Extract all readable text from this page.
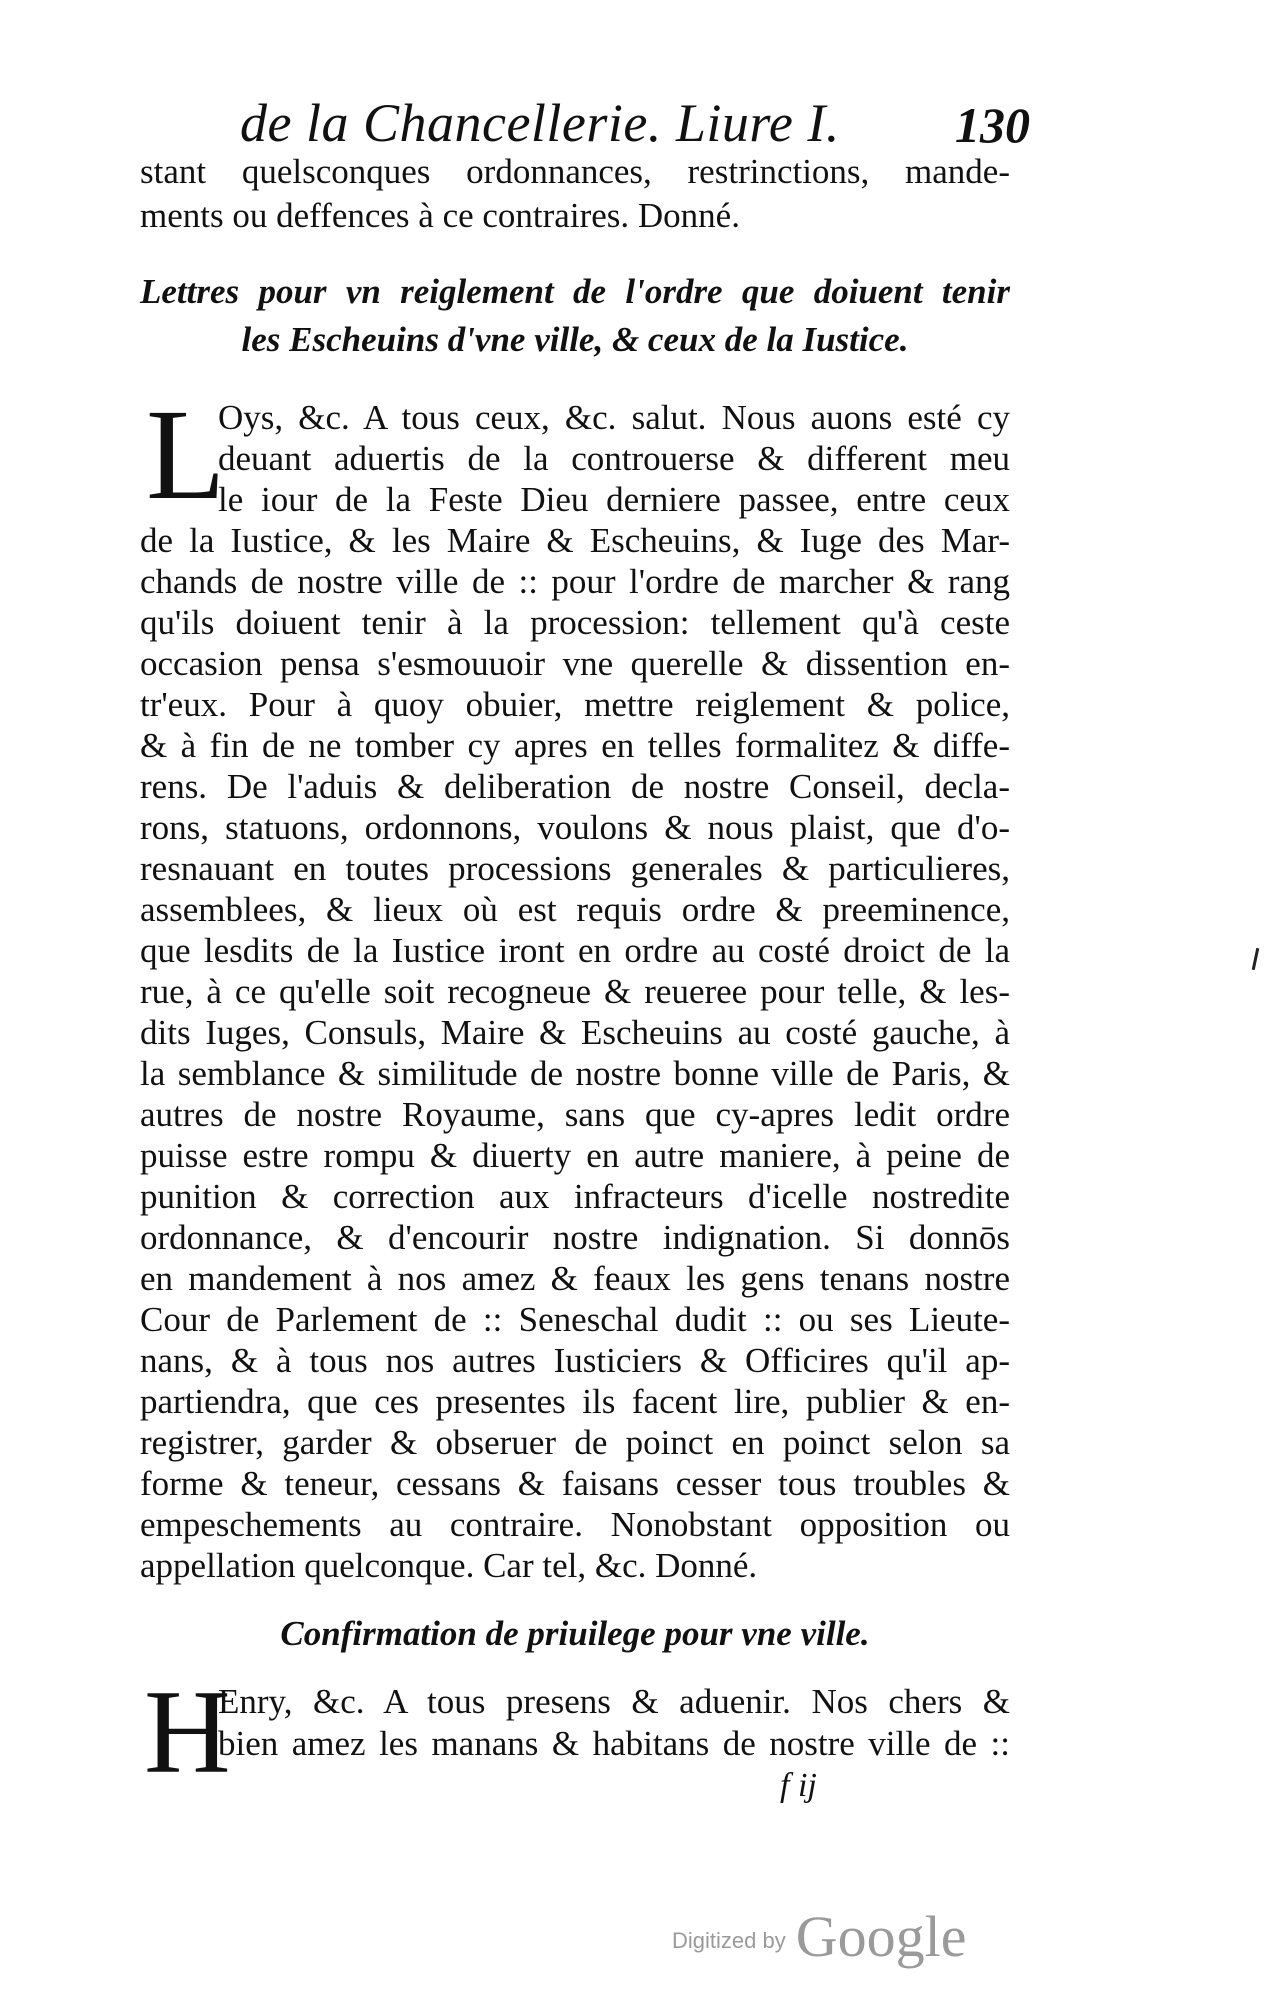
de la Chancellerie. Liure I. 130
stant quelsconques ordonnances, restrinctions, mande-
ments ou deffences à ce contraires. Donné.
Lettres pour vn reiglement de l'ordre que doiuent tenir
les Escheuins d'vne ville, & ceux de la Iustice.
L
Oys, &c. A tous ceux, &c. salut. Nous auons esté cy
deuant aduertis de la controuerse & different meu
le iour de la Feste Dieu derniere passee, entre ceux
de la Iustice, & les Maire & Escheuins, & Iuge des Mar-
chands de nostre ville de :: pour l'ordre de marcher & rang
qu'ils doiuent tenir à la procession: tellement qu'à ceste
occasion pensa s'esmouuoir vne querelle & dissention en-
tr'eux. Pour à quoy obuier, mettre reiglement & police,
& à fin de ne tomber cy apres en telles formalitez & diffe-
rens. De l'aduis & deliberation de nostre Conseil, decla-
rons, statuons, ordonnons, voulons & nous plaist, que d'o-
resnauant en toutes processions generales & particulieres,
assemblees, & lieux où est requis ordre & preeminence,
que lesdits de la Iustice iront en ordre au costé droict de la
rue, à ce qu'elle soit recogneue & reueree pour telle, & les-
dits Iuges, Consuls, Maire & Escheuins au costé gauche, à
la semblance & similitude de nostre bonne ville de Paris, &
autres de nostre Royaume, sans que cy-apres ledit ordre
puisse estre rompu & diuerty en autre maniere, à peine de
punition & correction aux infracteurs d'icelle nostredite
ordonnance, & d'encourir nostre indignation. Si donnōs
en mandement à nos amez & feaux les gens tenans nostre
Cour de Parlement de :: Seneschal dudit :: ou ses Lieute-
nans, & à tous nos autres Iusticiers & Officires qu'il ap-
partiendra, que ces presentes ils facent lire, publier & en-
registrer, garder & obseruer de poinct en poinct selon sa
forme & teneur, cessans & faisans cesser tous troubles &
empeschements au contraire. Nonobstant opposition ou
appellation quelconque. Car tel, &c. Donné.
Confirmation de priuilege pour vne ville.
H
Enry, &c. A tous presens & aduenir. Nos chers &
bien amez les manans & habitans de nostre ville de ::
f ij
Digitized by Google
